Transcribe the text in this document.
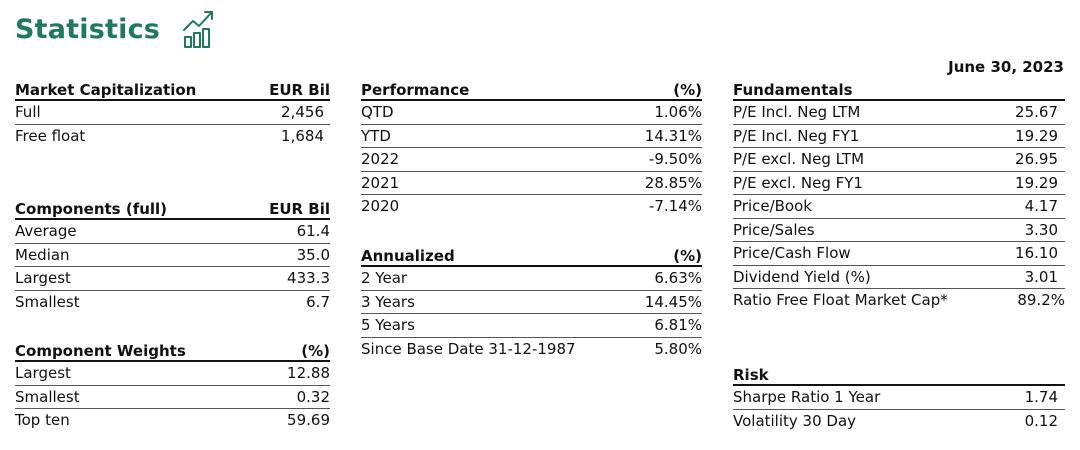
Statistics
June 30, 2023
Market Capitalization	EUR Bil
Full	2,456
Free float	1,684
Components (full)	EUR Bil
Average	61.4
Median	35.0
Largest	433.3
Smallest	6.7
Component Weights	(%)
Largest	12.88
Smallest	0.32
Top ten	59.69
Performance	(%)
QTD	1.06%
YTD	14.31%
2022	-9.50%
2021	28.85%
2020	-7.14%
Annualized	(%)
2 Year	6.63%
3 Years	14.45%
5 Years	6.81%
Since Base Date 31-12-1987	5.80%
Fundamentals
P/E Incl. Neg LTM	25.67
P/E Incl. Neg FY1	19.29
P/E excl. Neg LTM	26.95
P/E excl. Neg FY1	19.29
Price/Book	4.17
Price/Sales	3.30
Price/Cash Flow	16.10
Dividend Yield (%)	3.01
Ratio Free Float Market Cap*	89.2%
Risk
Sharpe Ratio 1 Year	1.74
Volatility 30 Day	0.12
